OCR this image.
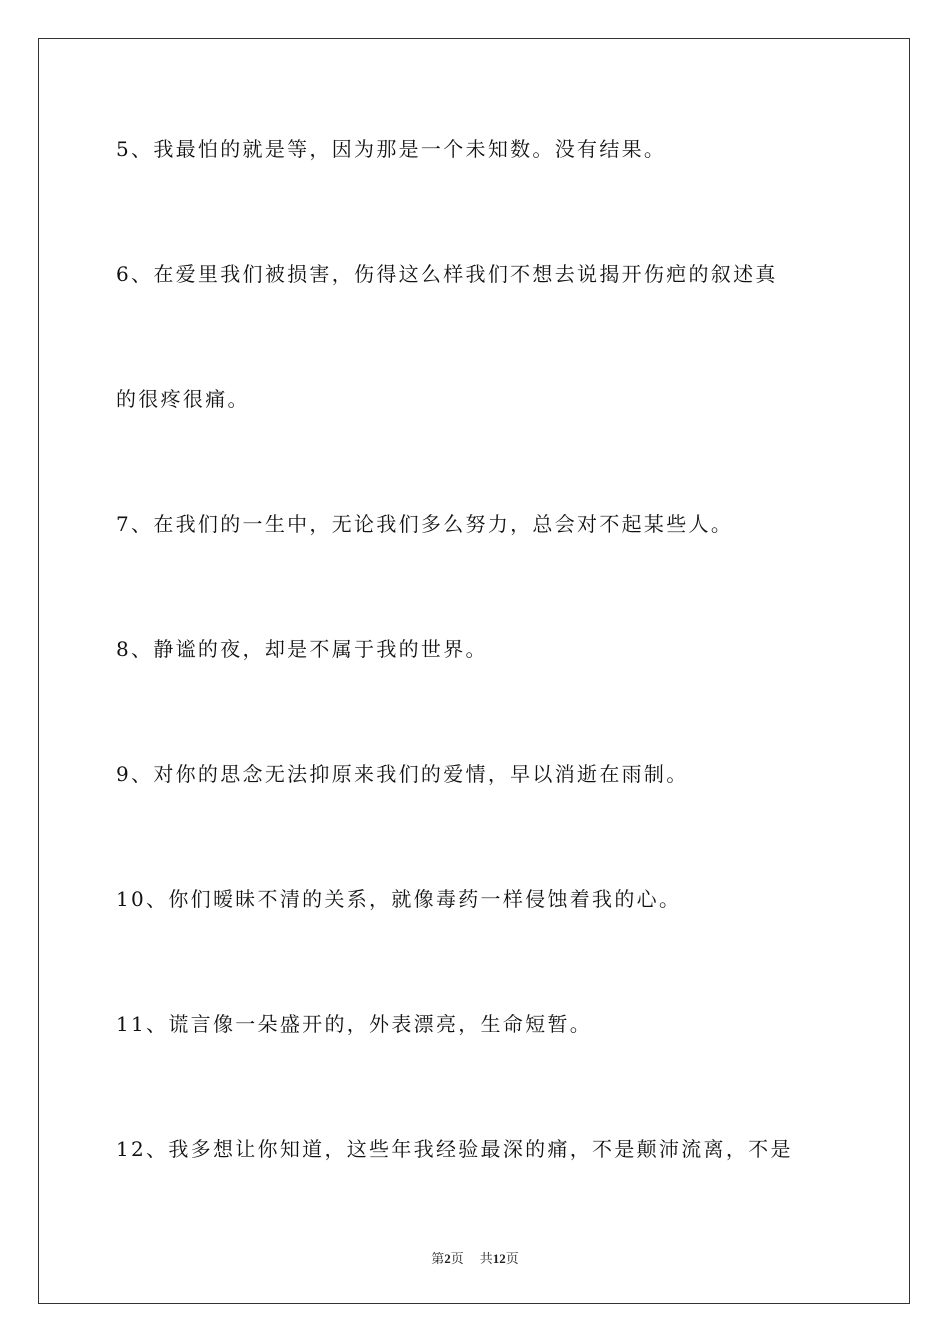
5、我最怕的就是等，因为那是一个未知数。没有结果。
6、在爱里我们被损害，伤得这么样我们不想去说揭开伤疤的叙述真
的很疼很痛。
7、在我们的一生中，无论我们多么努力，总会对不起某些人。
8、静谧的夜，却是不属于我的世界。
9、对你的思念无法抑原来我们的爱情，早以消逝在雨制。
10、你们暧昧不清的关系，就像毒药一样侵蚀着我的心。
11、谎言像一朵盛开的，外表漂亮，生命短暂。
12、我多想让你知道，这些年我经验最深的痛，不是颠沛流离，不是
第2页 共12页
